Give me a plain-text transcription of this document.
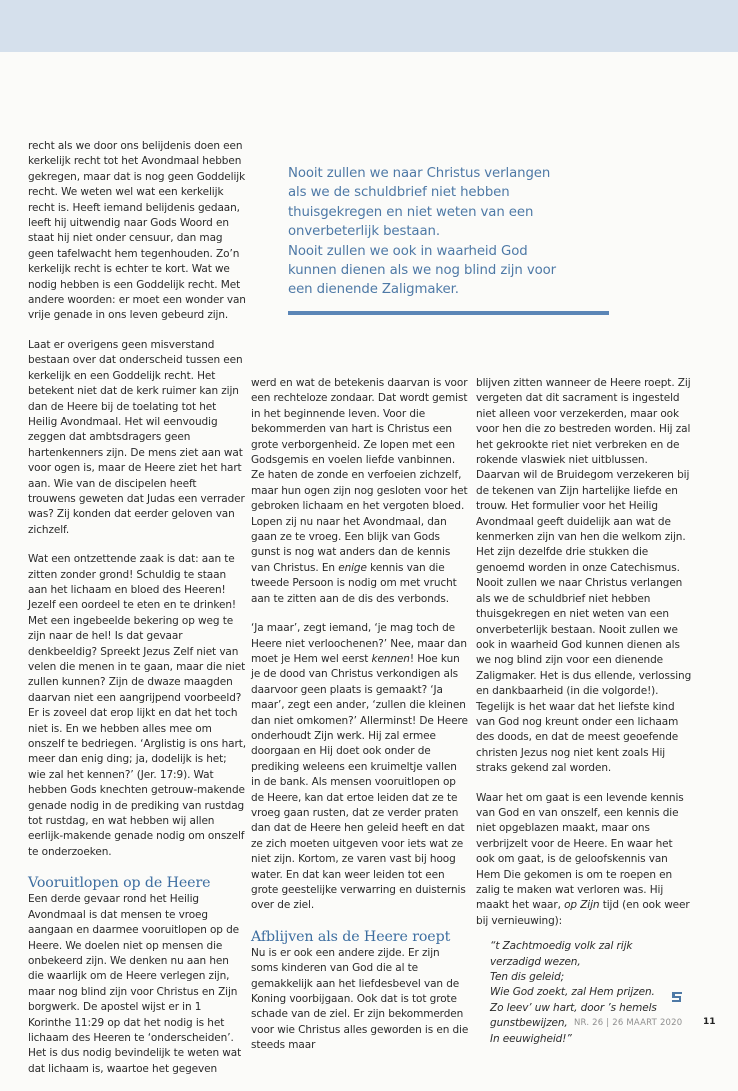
Nooit zullen we naar Christus verlangen

als we de schuldbrief niet hebben

thuisgekregen en niet weten van een

onverbeterlijk bestaan.

Nooit zullen we ook in waarheid God

kunnen dienen als we nog blind zijn voor

een dienende Zaligmaker.

recht als we door ons belijdenis doen een kerkelijk recht tot het Avondmaal hebben gekregen, maar dat is nog geen Goddelijk recht. We weten wel wat een kerkelijk recht is. Heeft iemand belijdenis gedaan, leeft hij uitwendig naar Gods Woord en staat hij niet onder censuur, dan mag geen tafelwacht hem tegenhouden. Zo’n kerkelijk recht is echter te kort. Wat we nodig hebben is een Goddelijk recht. Met andere woorden: er moet een wonder van vrije genade in ons leven gebeurd zijn.

Laat er overigens geen misverstand bestaan over dat onderscheid tussen een kerkelijk en een Goddelijk recht. Het betekent niet dat de kerk ruimer kan zijn dan de Heere bij de toelating tot het Heilig Avondmaal. Het wil eenvoudig zeggen dat ambtsdragers geen hartenkenners zijn. De mens ziet aan wat voor ogen is, maar de Heere ziet het hart aan. Wie van de discipelen heeft trouwens geweten dat Judas een verrader was? Zij konden dat eerder geloven van zichzelf.

Wat een ontzettende zaak is dat: aan te zitten zonder grond! Schuldig te staan aan het lichaam en bloed des Heeren! Jezelf een oordeel te eten en te drinken! Met een ingebeelde bekering op weg te zijn naar de hel! Is dat gevaar denkbeeldig? Spreekt Jezus Zelf niet van velen die menen in te gaan, maar die niet zullen kunnen? Zijn de dwaze maagden daarvan niet een aangrijpend voorbeeld? Er is zoveel dat erop lijkt en dat het toch niet is. En we hebben alles mee om onszelf te bedriegen. ‘Arglistig is ons hart, meer dan enig ding; ja, dodelijk is het; wie zal het kennen?’ (Jer. 17:9). Wat hebben Gods knechten getrouw-makende genade nodig in de prediking van rustdag tot rustdag, en wat hebben wij allen eerlijk-makende genade nodig om onszelf te onderzoeken.

Vooruitlopen op de Heere

Een derde gevaar rond het Heilig Avondmaal is dat mensen te vroeg aangaan en daarmee vooruitlopen op de Heere. We doelen niet op mensen die onbekeerd zijn. We denken nu aan hen die waarlijk om de Heere verlegen zijn, maar nog blind zijn voor Christus en Zijn borgwerk. De apostel wijst er in 1 Korinthe 11:29 op dat het nodig is het lichaam des Heeren te ‘onderscheiden’. Het is dus nodig bevindelijk te weten wat dat lichaam is, waartoe het gegeven

werd en wat de betekenis daarvan is voor een rechteloze zondaar. Dat wordt gemist in het beginnende leven. Voor die bekommerden van hart is Christus een grote verborgenheid. Ze lopen met een Godsgemis en voelen liefde vanbinnen. Ze haten de zonde en verfoeien zichzelf, maar hun ogen zijn nog gesloten voor het gebroken lichaam en het vergoten bloed. Lopen zij nu naar het Avondmaal, dan gaan ze te vroeg. Een blijk van Gods gunst is nog wat anders dan de kennis van Christus. En enige kennis van die tweede Persoon is nodig om met vrucht aan te zitten aan de dis des verbonds.

‘Ja maar’, zegt iemand, ‘je mag toch de Heere niet verloochenen?’ Nee, maar dan moet je Hem wel eerst kennen! Hoe kun je de dood van Christus verkondigen als daarvoor geen plaats is gemaakt? ‘Ja maar’, zegt een ander, ‘zullen die kleinen dan niet omkomen?’ Allerminst! De Heere onderhoudt Zijn werk. Hij zal ermee doorgaan en Hij doet ook onder de prediking weleens een kruimeltje vallen in de bank. Als mensen vooruitlopen op de Heere, kan dat ertoe leiden dat ze te vroeg gaan rusten, dat ze verder praten dan dat de Heere hen geleid heeft en dat ze zich moeten uitgeven voor iets wat ze niet zijn. Kortom, ze varen vast bij hoog water. En dat kan weer leiden tot een grote geestelijke verwarring en duisternis over de ziel.

Afblijven als de Heere roept

Nu is er ook een andere zijde. Er zijn soms kinderen van God die al te gemakkelijk aan het liefdesbevel van de Koning voorbijgaan. Ook dat is tot grote schade van de ziel. Er zijn bekommerden voor wie Christus alles geworden is en die steeds maar

blijven zitten wanneer de Heere roept. Zij vergeten dat dit sacrament is ingesteld niet alleen voor verzekerden, maar ook voor hen die zo bestreden worden. Hij zal het gekrookte riet niet verbreken en de rokende vlaswiek niet uitblussen. Daarvan wil de Bruidegom verzekeren bij de tekenen van Zijn hartelijke liefde en trouw. Het formulier voor het Heilig Avondmaal geeft duidelijk aan wat de kenmerken zijn van hen die welkom zijn. Het zijn dezelfde drie stukken die genoemd worden in onze Catechismus. Nooit zullen we naar Christus verlangen als we de schuldbrief niet hebben thuisgekregen en niet weten van een onverbeterlijk bestaan. Nooit zullen we ook in waarheid God kunnen dienen als we nog blind zijn voor een dienende Zaligmaker. Het is dus ellende, verlossing en dankbaarheid (in die volgorde!). Tegelijk is het waar dat het liefste kind van God nog kreunt onder een lichaam des doods, en dat de meest geoefende christen Jezus nog niet kent zoals Hij straks gekend zal worden.

Waar het om gaat is een levende kennis van God en van onszelf, een kennis die niet opgeblazen maakt, maar ons verbrijzelt voor de Heere. En waar het ook om gaat, is de geloofskennis van Hem Die gekomen is om te roepen en zalig te maken wat verloren was. Hij maakt het waar, op Zijn tijd (en ook weer bij vernieuwing):

“t Zachtmoedig volk zal rijk
verzadigd wezen,
Ten dis geleid;
Wie God zoekt, zal Hem prijzen.
Zo leev’ uw hart, door ’s hemels
gunstbewijzen,
In eeuwigheid!”
NR. 26 | 26 MAART 2020 11
